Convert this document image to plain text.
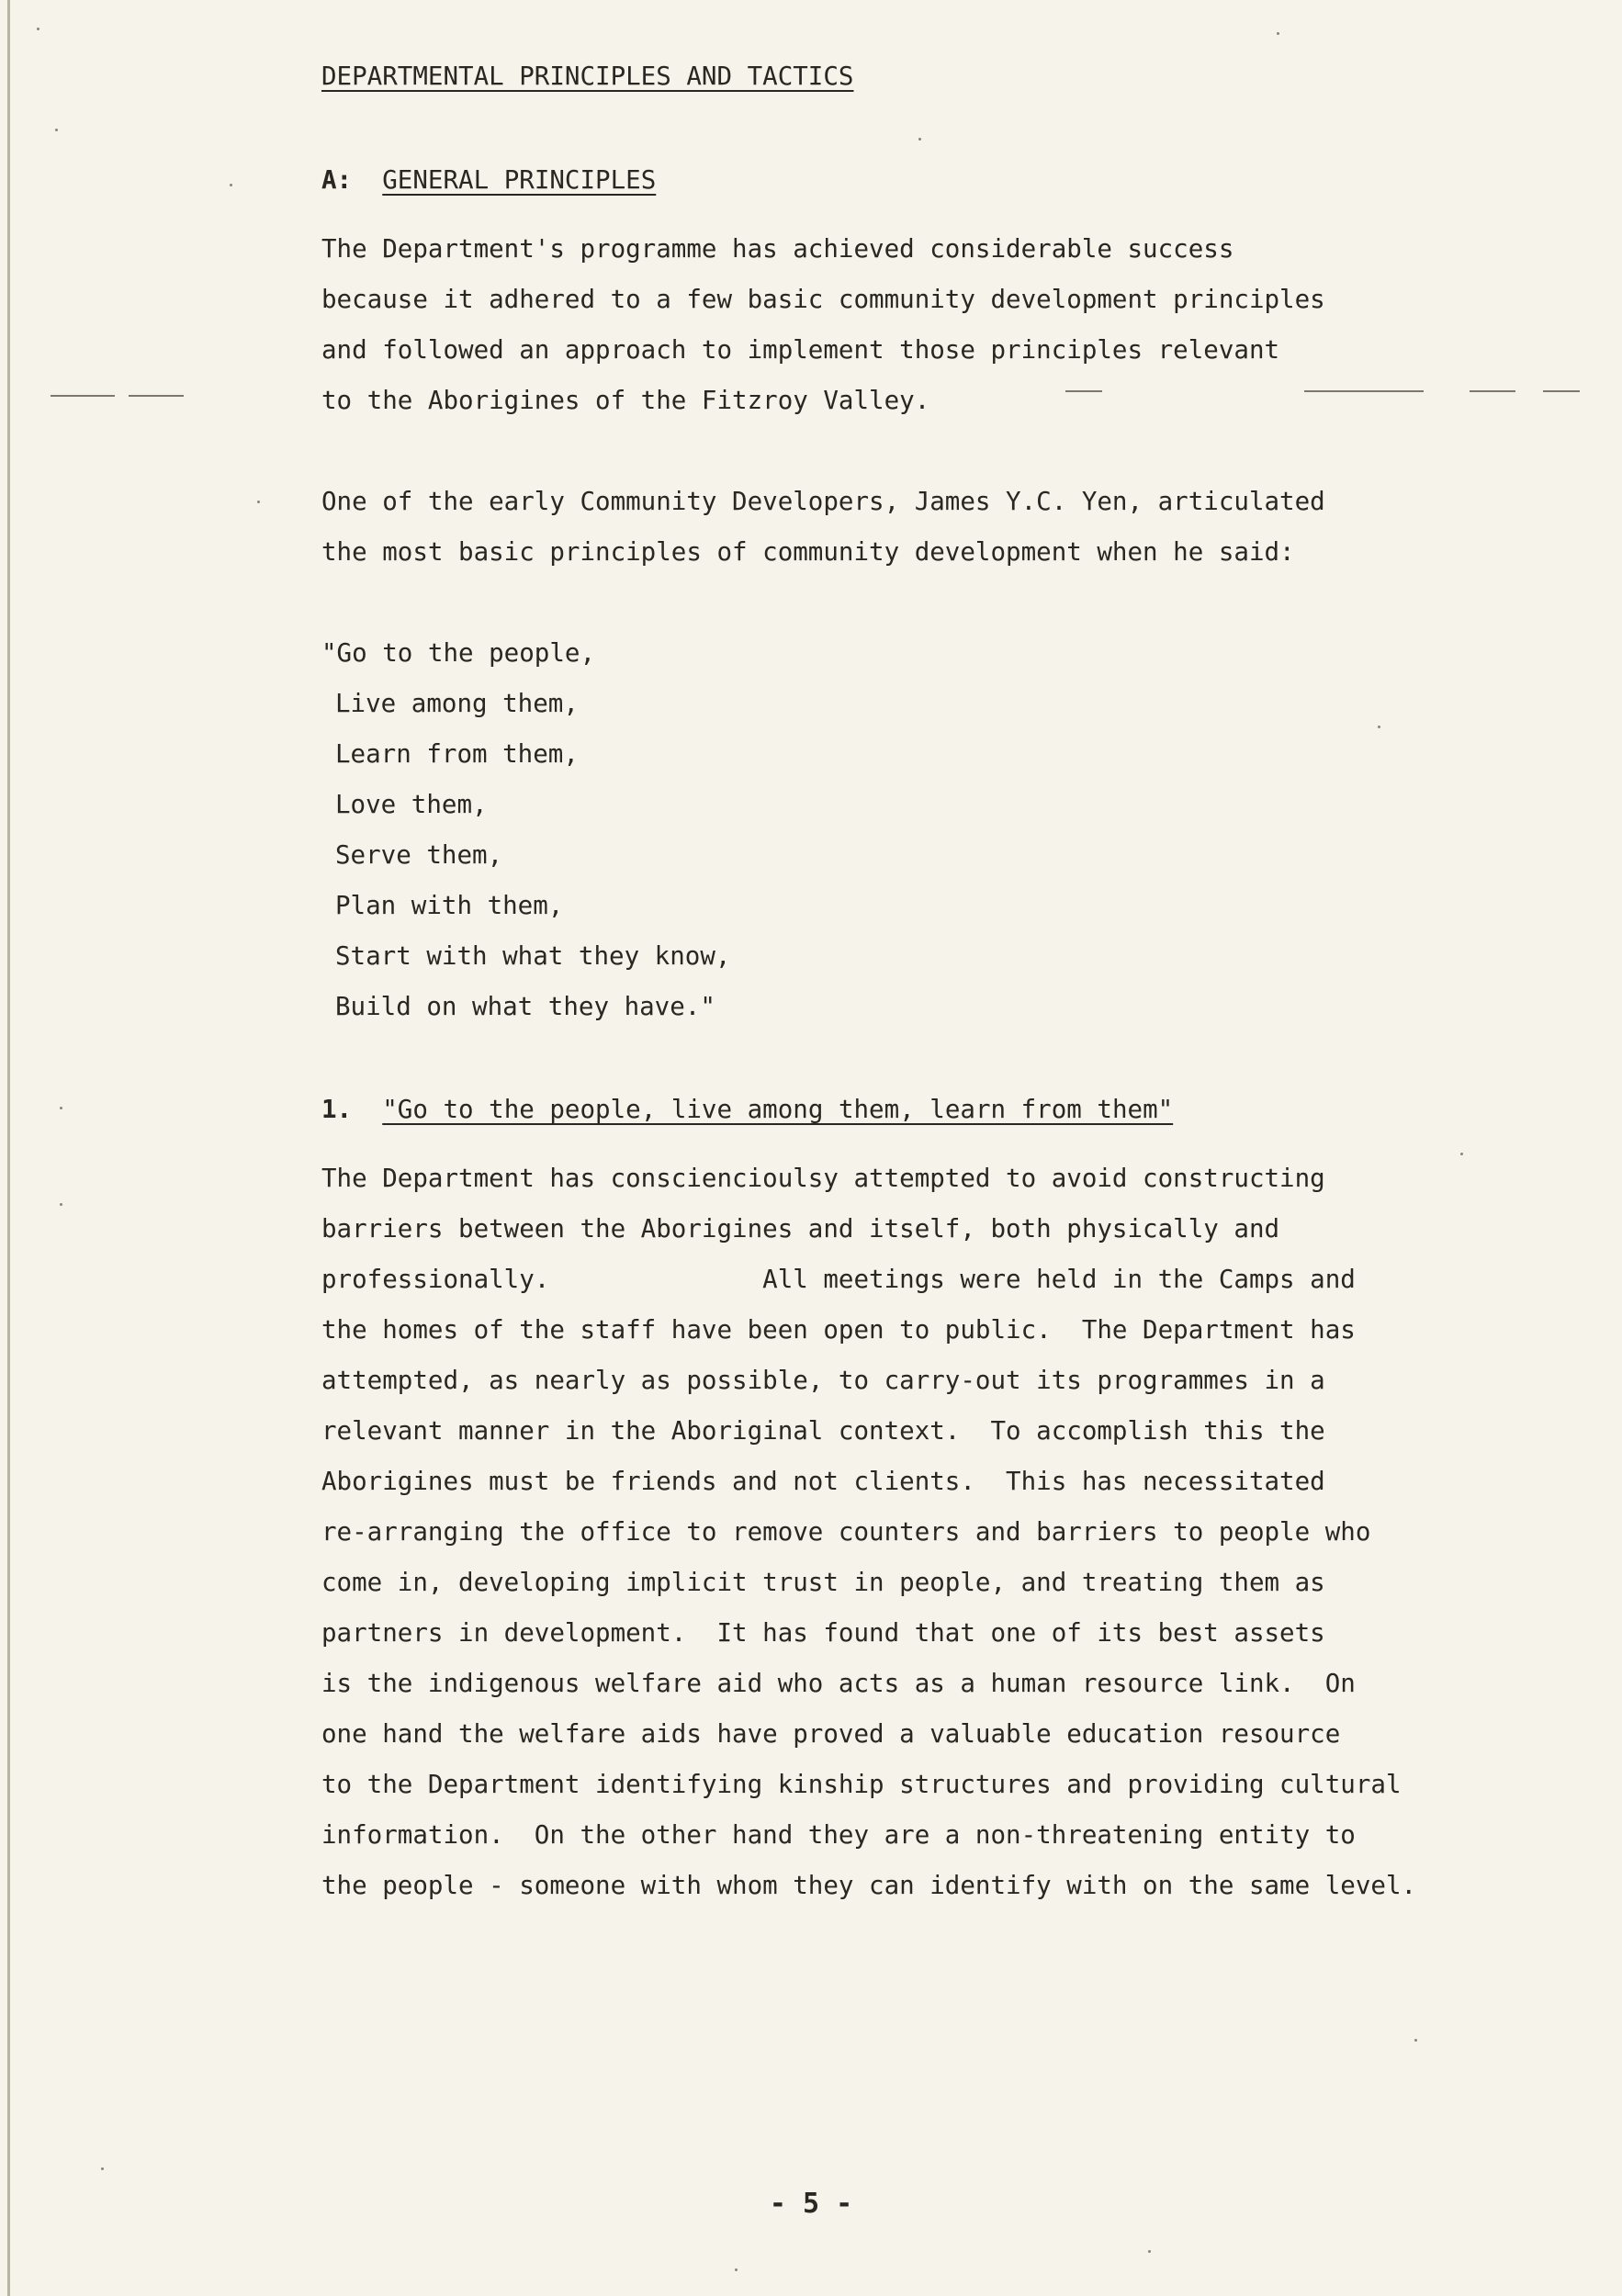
DEPARTMENTAL PRINCIPLES AND TACTICS
A: GENERAL PRINCIPLES
The Department's programme has achieved considerable success
because it adhered to a few basic community development principles
and followed an approach to implement those principles relevant
to the Aborigines of the Fitzroy Valley.
One of the early Community Developers, James Y.C. Yen, articulated
the most basic principles of community development when he said:
"Go to the people,
Live among them,
Learn from them,
Love them,
Serve them,
Plan with them,
Start with what they know,
Build on what they have."
1. "Go to the people, live among them, learn from them"
The Department has consciencioulsy attempted to avoid constructing
barriers between the Aborigines and itself, both physically and
professionally.              All meetings were held in the Camps and
the homes of the staff have been open to public.  The Department has
attempted, as nearly as possible, to carry-out its programmes in a
relevant manner in the Aboriginal context.  To accomplish this the
Aborigines must be friends and not clients.  This has necessitated
re-arranging the office to remove counters and barriers to people who
come in, developing implicit trust in people, and treating them as
partners in development.  It has found that one of its best assets
is the indigenous welfare aid who acts as a human resource link.  On
one hand the welfare aids have proved a valuable education resource
to the Department identifying kinship structures and providing cultural
information.  On the other hand they are a non-threatening entity to
the people - someone with whom they can identify with on the same level.
- 5 -
